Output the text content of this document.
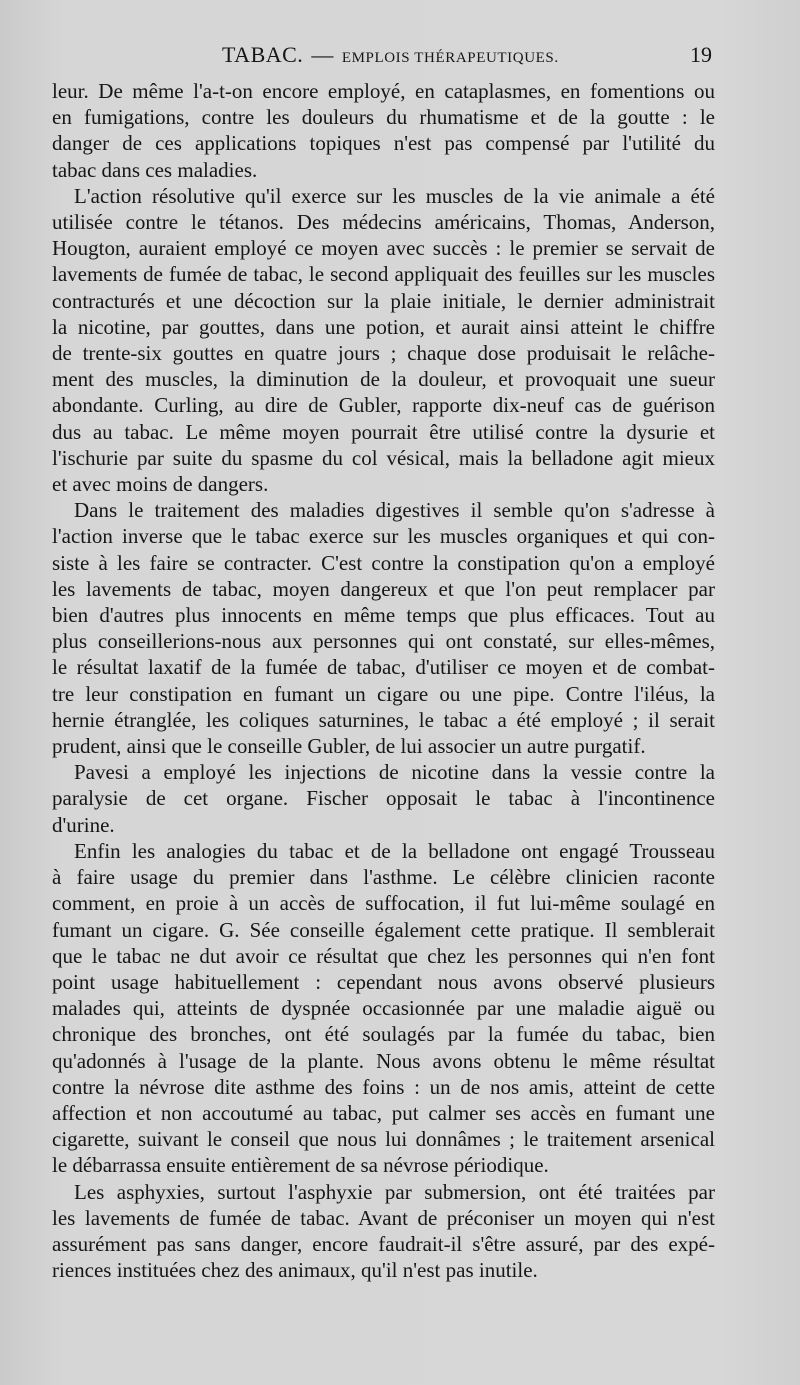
TABAC. — EMPLOIS THÉRAPEUTIQUES.	19

leur. De même l'a-t-on encore employé, en cataplasmes, en fomentions ou
en fumigations, contre les douleurs du rhumatisme et de la goutte : le
danger de ces applications topiques n'est pas compensé par l'utilité du
tabac dans ces maladies.

L'action résolutive qu'il exerce sur les muscles de la vie animale a été
utilisée contre le tétanos. Des médecins américains, Thomas, Anderson,
Hougton, auraient employé ce moyen avec succès : le premier se servait de
lavements de fumée de tabac, le second appliquait des feuilles sur les muscles
contracturés et une décoction sur la plaie initiale, le dernier administrait
la nicotine, par gouttes, dans une potion, et aurait ainsi atteint le chiffre
de trente-six gouttes en quatre jours ; chaque dose produisait le relâche-
ment des muscles, la diminution de la douleur, et provoquait une sueur
abondante. Curling, au dire de Gubler, rapporte dix-neuf cas de guérison
dus au tabac. Le même moyen pourrait être utilisé contre la dysurie et
l'ischurie par suite du spasme du col vésical, mais la belladone agit mieux
et avec moins de dangers.

Dans le traitement des maladies digestives il semble qu'on s'adresse à
l'action inverse que le tabac exerce sur les muscles organiques et qui con-
siste à les faire se contracter. C'est contre la constipation qu'on a employé
les lavements de tabac, moyen dangereux et que l'on peut remplacer par
bien d'autres plus innocents en même temps que plus efficaces. Tout au
plus conseillerions-nous aux personnes qui ont constaté, sur elles-mêmes,
le résultat laxatif de la fumée de tabac, d'utiliser ce moyen et de combat-
tre leur constipation en fumant un cigare ou une pipe. Contre l'iléus, la
hernie étranglée, les coliques saturnines, le tabac a été employé ; il serait
prudent, ainsi que le conseille Gubler, de lui associer un autre purgatif.

Pavesi a employé les injections de nicotine dans la vessie contre la
paralysie de cet organe. Fischer opposait le tabac à l'incontinence
d'urine.

Enfin les analogies du tabac et de la belladone ont engagé Trousseau
à faire usage du premier dans l'asthme. Le célèbre clinicien raconte
comment, en proie à un accès de suffocation, il fut lui-même soulagé en
fumant un cigare. G. Sée conseille également cette pratique. Il semblerait
que le tabac ne dut avoir ce résultat que chez les personnes qui n'en font
point usage habituellement : cependant nous avons observé plusieurs
malades qui, atteints de dyspnée occasionnée par une maladie aiguë ou
chronique des bronches, ont été soulagés par la fumée du tabac, bien
qu'adonnés à l'usage de la plante. Nous avons obtenu le même résultat
contre la névrose dite asthme des foins : un de nos amis, atteint de cette
affection et non accoutumé au tabac, put calmer ses accès en fumant une
cigarette, suivant le conseil que nous lui donnâmes ; le traitement arsenical
le débarrassa ensuite entièrement de sa névrose périodique.

Les asphyxies, surtout l'asphyxie par submersion, ont été traitées par
les lavements de fumée de tabac. Avant de préconiser un moyen qui n'est
assurément pas sans danger, encore faudrait-il s'être assuré, par des expé-
riences instituées chez des animaux, qu'il n'est pas inutile.
